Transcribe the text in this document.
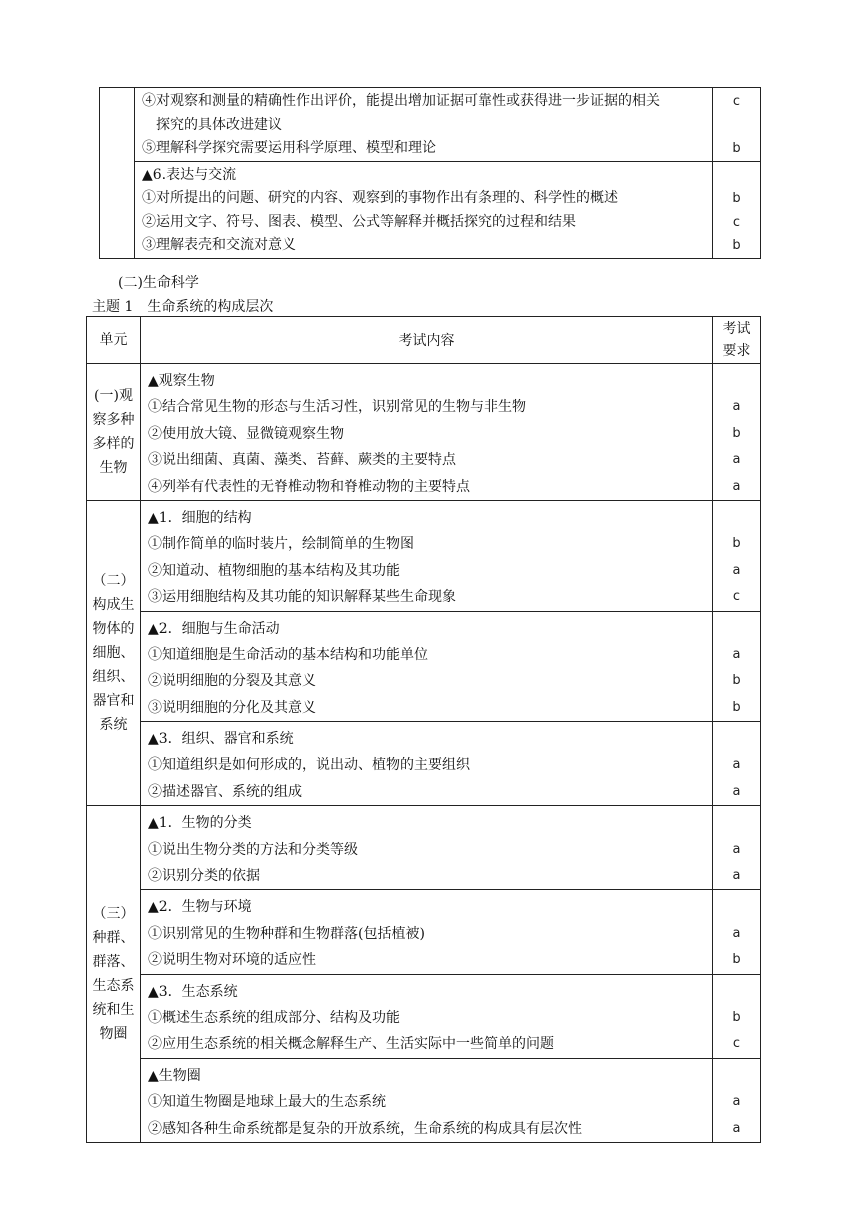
④对观察和测量的精确性作出评价，能提出增加证据可靠性或获得进一步证据的相关
探究的具体改进建议
⑤理解科学探究需要运用科学原理、模型和理论
c
b
▲6.表达与交流
①对所提出的问题、研究的内容、观察到的事物作出有条理的、科学性的概述
②运用文字、符号、图表、模型、公式等解释并概括探究的过程和结果
③理解表壳和交流对意义
b
c
b
(二)生命科学
主题 1　生命系统的构成层次
单元	考试内容
考试
要求
(一)观察多种多样的生物
▲观察生物
①结合常见生物的形态与生活习性，识别常见的生物与非生物
②使用放大镜、显微镜观察生物
③说出细菌、真菌、藻类、苔藓、蕨类的主要特点
④列举有代表性的无脊椎动物和脊椎动物的主要特点
a
b
a
a
（二）构成生物体的细胞、组织、器官和系统
▲1．细胞的结构
①制作简单的临时装片，绘制简单的生物图
②知道动、植物细胞的基本结构及其功能
③运用细胞结构及其功能的知识解释某些生命现象
b
a
c
▲2．细胞与生命活动
①知道细胞是生命活动的基本结构和功能单位
②说明细胞的分裂及其意义
③说明细胞的分化及其意义
a
b
b
▲3．组织、器官和系统
①知道组织是如何形成的，说出动、植物的主要组织
②描述器官、系统的组成
a
a
（三）种群、群落、生态系统和生物圈
▲1．生物的分类
①说出生物分类的方法和分类等级
②识别分类的依据
a
a
▲2．生物与环境
①识别常见的生物种群和生物群落(包括植被)
②说明生物对环境的适应性
a
b
▲3．生态系统
①概述生态系统的组成部分、结构及功能
②应用生态系统的相关概念解释生产、生活实际中一些简单的问题
b
c
▲生物圈
①知道生物圈是地球上最大的生态系统
②感知各种生命系统都是复杂的开放系统，生命系统的构成具有层次性
a
a
